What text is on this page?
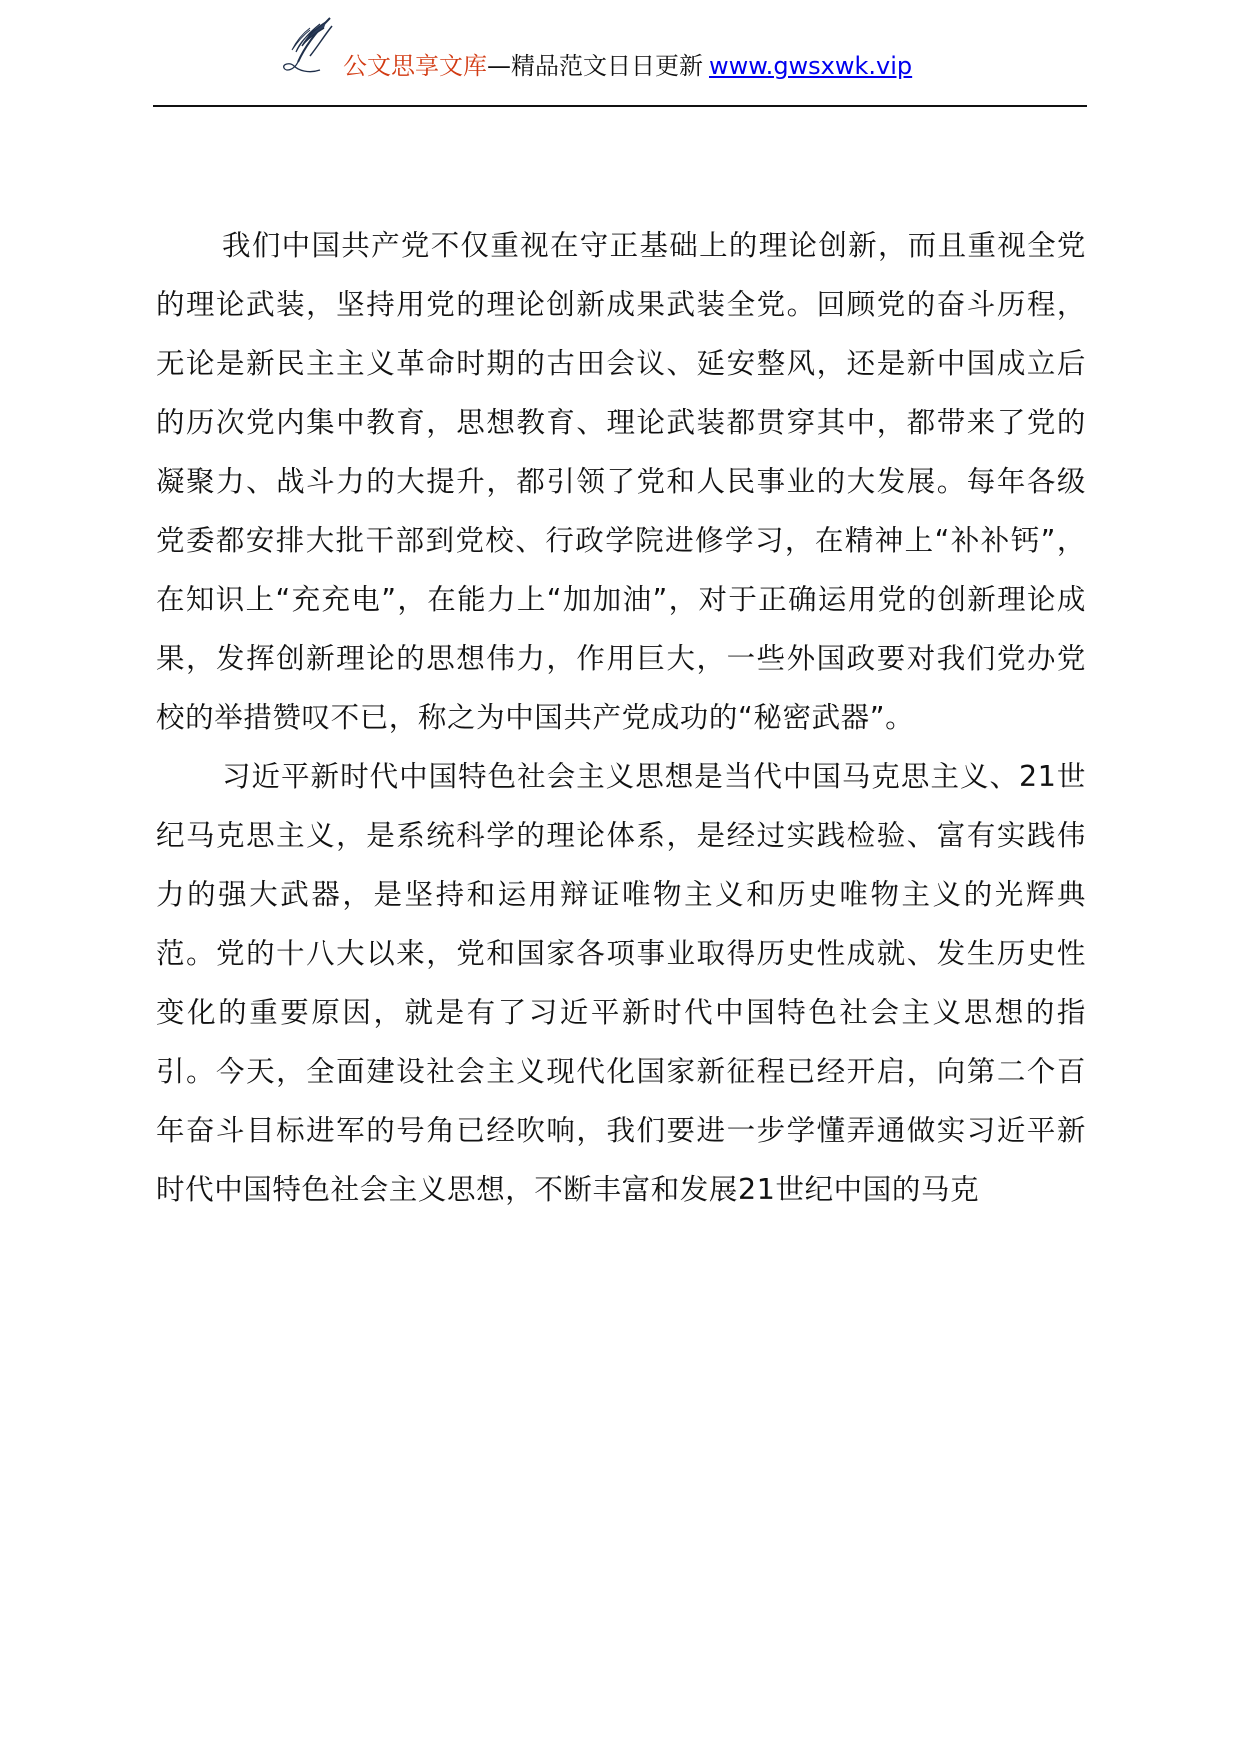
公文思享文库—精品范文日日更新 www.gwsxwk.vip

我们中国共产党不仅重视在守正基础上的理论创新，而且重视全党的理论武装，坚持用党的理论创新成果武装全党。回顾党的奋斗历程，无论是新民主主义革命时期的古田会议、延安整风，还是新中国成立后的历次党内集中教育，思想教育、理论武装都贯穿其中，都带来了党的凝聚力、战斗力的大提升，都引领了党和人民事业的大发展。每年各级党委都安排大批干部到党校、行政学院进修学习，在精神上“补补钙”，在知识上“充充电”，在能力上“加加油”，对于正确运用党的创新理论成果，发挥创新理论的思想伟力，作用巨大，一些外国政要对我们党办党校的举措赞叹不已，称之为中国共产党成功的“秘密武器”。

习近平新时代中国特色社会主义思想是当代中国马克思主义、21世纪马克思主义，是系统科学的理论体系，是经过实践检验、富有实践伟力的强大武器，是坚持和运用辩证唯物主义和历史唯物主义的光辉典范。党的十八大以来，党和国家各项事业取得历史性成就、发生历史性变化的重要原因，就是有了习近平新时代中国特色社会主义思想的指引。今天，全面建设社会主义现代化国家新征程已经开启，向第二个百年奋斗目标进军的号角已经吹响，我们要进一步学懂弄通做实习近平新时代中国特色社会主义思想，不断丰富和发展21世纪中国的马克
